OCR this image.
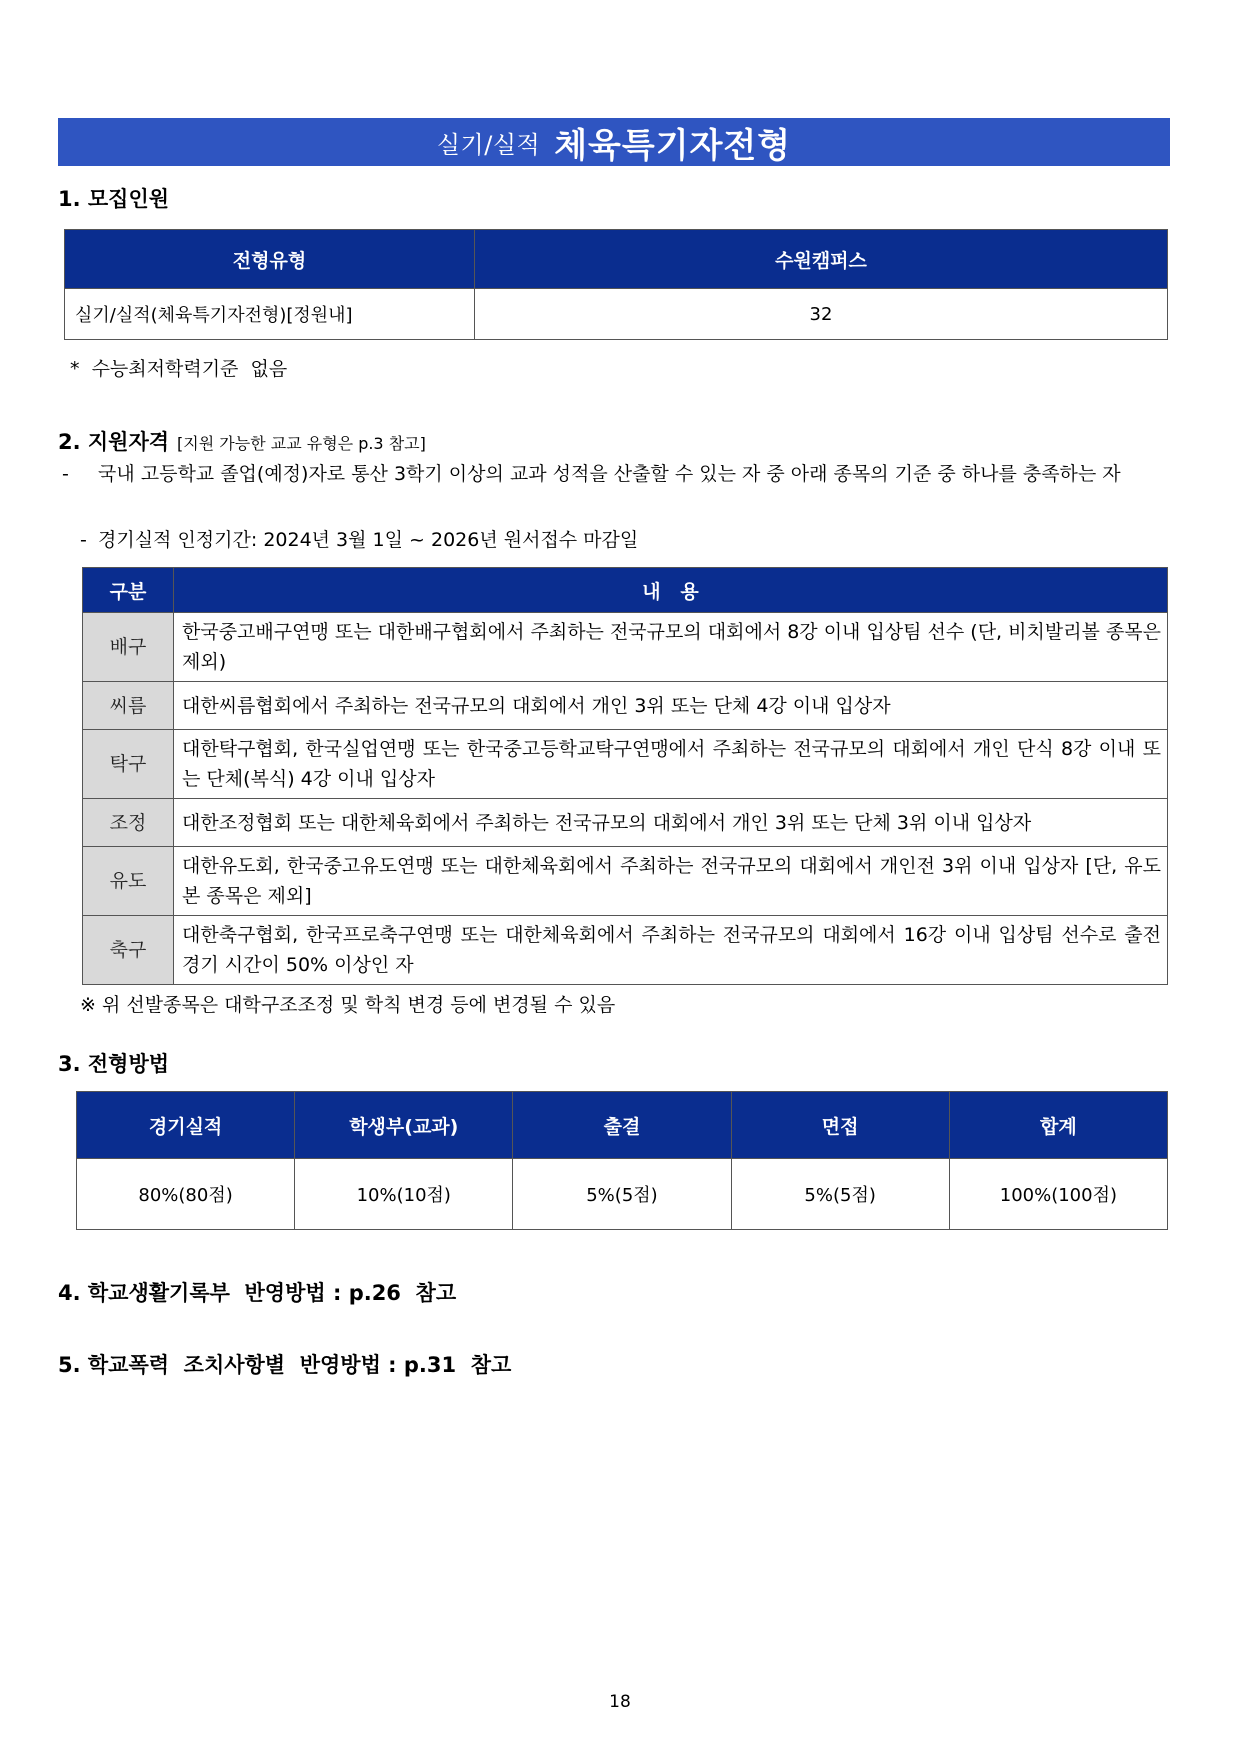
실기/실적 체육특기자전형
1. 모집인원
전형유형	수원캠퍼스
실기/실적(체육특기자전형)[정원내]	32
*  수능최저학력기준  없음
2. 지원자격 [지원 가능한 교교 유형은 p.3 참고]
- 국내 고등학교 졸업(예정)자로 통산 3학기 이상의 교과 성적을 산출할 수 있는 자 중 아래 종목의 기준 중 하나를 충족하는 자
- 경기실적 인정기간: 2024년 3월 1일 ~ 2026년 원서접수 마감일
구분	내   용
배구	한국중고배구연맹 또는 대한배구협회에서 주최하는 전국규모의 대회에서 8강 이내 입상팀 선수 (단, 비치발리볼 종목은 제외)
씨름	대한씨름협회에서 주최하는 전국규모의 대회에서 개인 3위 또는 단체 4강 이내 입상자
탁구	대한탁구협회, 한국실업연맹 또는 한국중고등학교탁구연맹에서 주최하는 전국규모의 대회에서 개인 단식 8강 이내 또는 단체(복식) 4강 이내 입상자
조정	대한조정협회 또는 대한체육회에서 주최하는 전국규모의 대회에서 개인 3위 또는 단체 3위 이내 입상자
유도	대한유도회, 한국중고유도연맹 또는 대한체육회에서 주최하는 전국규모의 대회에서 개인전 3위 이내 입상자 [단, 유도본 종목은 제외]
축구	대한축구협회, 한국프로축구연맹 또는 대한체육회에서 주최하는 전국규모의 대회에서 16강 이내 입상팀 선수로 출전 경기 시간이 50% 이상인 자
※ 위 선발종목은 대학구조조정 및 학칙 변경 등에 변경될 수 있음
3. 전형방법
경기실적	학생부(교과)	출결	면접	합계
80%(80점)	10%(10점)	5%(5점)	5%(5점)	100%(100점)
4. 학교생활기록부  반영방법 : p.26  참고
5. 학교폭력  조치사항별  반영방법 : p.31  참고
18
